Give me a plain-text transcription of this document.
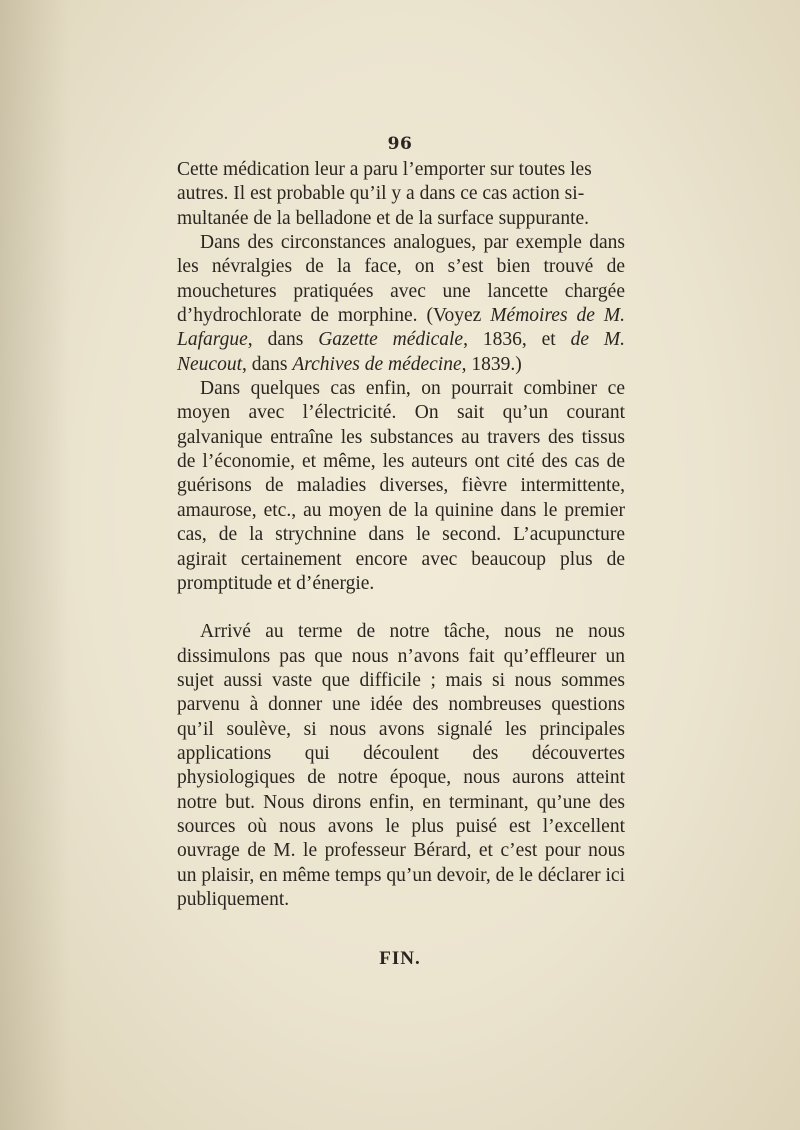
96

Cette médication leur a paru l’emporter sur toutes les
autres. Il est probable qu’il y a dans ce cas action si-
multanée de la belladone et de la surface suppurante.

Dans des circonstances analogues, par exemple dans les névralgies de la face, on s’est bien trouvé de mouchetures pratiquées avec une lancette chargée d’hydrochlorate de morphine. (Voyez Mémoires de M. Lafargue, dans Gazette médicale, 1836, et de M. Neucout, dans Archives de médecine, 1839.)

Dans quelques cas enfin, on pourrait combiner ce moyen avec l’électricité. On sait qu’un courant galvanique entraîne les substances au travers des tissus de l’économie, et même, les auteurs ont cité des cas de guérisons de maladies diverses, fièvre intermittente, amaurose, etc., au moyen de la quinine dans le premier cas, de la strychnine dans le second. L’acupuncture agirait certainement encore avec beaucoup plus de promptitude et d’énergie.

Arrivé au terme de notre tâche, nous ne nous dissimulons pas que nous n’avons fait qu’effleurer un sujet aussi vaste que difficile ; mais si nous sommes parvenu à donner une idée des nombreuses questions qu’il soulève, si nous avons signalé les principales applications qui découlent des découvertes physiologiques de notre époque, nous aurons atteint notre but. Nous dirons enfin, en terminant, qu’une des sources où nous avons le plus puisé est l’excellent ouvrage de M. le professeur Bérard, et c’est pour nous un plaisir, en même temps qu’un devoir, de le déclarer ici publiquement.

FIN.
